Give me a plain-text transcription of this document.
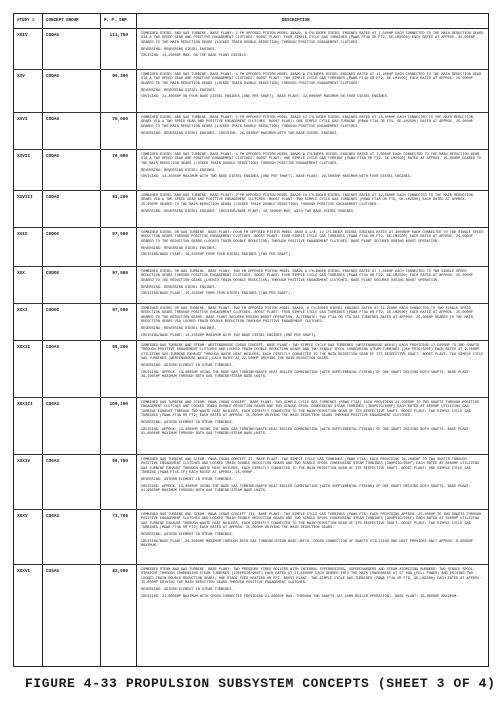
STUDY #	CONCEPT GROUP	P. P. SHP	DESCRIPTION
XXIV	CODAG	111,750	COMBINED DIESEL AND GAS TURBINE. BASE PLANT: 2 FM OPPOSED PISTON MODEL 38A20, 8 CYLINDER DIESEL ENGINES RATED AT 7,500HP EACH CONNECTED TO THE MAIN REDUCTION GEARS VIA A TWO SPEED GEAR AND POSITIVE ENGAGEMENT CLUTCHES. BOOST PLANT: FOUR SIMPLE CYCLE GAS TURBINES (P&WA FT4A OR FT9, GE-LM2500) EACH RATED AT APPROX. 25,000HP GEARED TO THE MAIN REDUCTION GEARS (LOCKED TRAIN DOUBLE REDUCTION) THROUGH POSITIVE ENGAGEMENT CLUTCHES.
REVERSING: REVERSING DIESEL ENGINES.
CRUISING: 14,250SHP MAX. ON THE BASE PLANT DIESELS.
XXV	CODAG	90,300	COMBINED DIESEL AND GAS TURBINE. BASE PLANT: 4 FM OPPOSED PISTON MODEL 38A20 9 CYLINDER DIESEL ENGINES RATED AT 11,200HP EACH CONNECTED TO THE MAIN REDUCTION GEAR VIA A TWO SPEED GEAR AND POSITIVE ENGAGEMENT CLUTCHES. BOOST PLANT: TWO SIMPLE CYCLE GAS TURBINES (P&WA FT4A OR FT9, GE-LM2500) EACH RATED AT APPROX. 25,000HP GEARED TO THE MAIN REDUCTION GEARS (LOCKED TRAIN DOUBLE REDUCTION) THROUGH POSITIVE ENGAGEMENT CLUTCHES.
REVERSING: REVERSING DIESEL ENGINES.
CRUISING: 21,400SHP ON FOUR BASE DIESEL ENGINES (ONE PER SHAFT). BASE PLANT: 42,800SHP MAXIMUM ON FOUR DIESEL ENGINES.
XXVI	CODAG	76,000	COMBINED DIESEL AND GAS TURBINE. BASE PLANT: 2 FM OPPOSED PISTON MODEL 38A20 12 CYLINDER DIESEL ENGINES RATED AT 13,000HP EACH CONNECTED TO THE MAIN REDUCTION GEARS VIA A TWO SPEED GEAR AND POSITIVE ENGAGEMENT CLUTCHES. BOOST PLANT: ONE SIMPLE CYCLE GAS TURBINE (P&WA FT4A OR FT9, GE-LM2500) RATED AT APPROX. 25,000HP GEARED TO THE MAIN REDUCTION GEARS (LOCKED TRAIN DOUBLE REDUCTION) THROUGH POSITIVE ENGAGEMENT CLUTCHES.
REVERSING: REVERSING DIESEL ENGINES. CRUISING: 28,500SHP MAXIMUM WITH TWO BASE DIESEL ENGINES.
XXVII	CODAG	76,000	COMBINED DIESEL AND GAS TURBINE. BASE PLANT: 4 FM OPPOSED PISTON MODEL 38A20 9 CYLINDER DIESEL ENGINES RATED AT 7,500HP EACH CONNECTED TO THE MAIN REDUCTION GEAR VIA A TWO SPEED GEAR AND POSITIVE ENGAGEMENT CLUTCHES. BOOST PLANT: ONE SIMPLE CYCLE GAS TURBINE (P&WA FT4A OR FT9, GE-LM2500) RATED AT APPROX. 25,000HP GEARED TO THE MAIN REDUCTION GEARS (LOCKED TRAIN DOUBLE REDUCTION) THROUGH POSITIVE ENGAGEMENT CLUTCHES.
REVERSING: REVERSING DIESEL ENGINES.
CRUISING: 14,250SHP MAXIMUM WITH TWO BASE DIESEL ENGINES (ONE PER SHAFT). BASE PLANT: 28,500SHP MAXIMUM WITH FOUR DIESEL ENGINES.
XXVIII	CODAG	91,200	COMBINED DIESEL AND GAS TURBINE. BASE PLANT: 2 FM OPPOSED PISTON MODEL 38A20 18 CYLINDER DIESEL ENGINES RATED AT 22,500HP EACH CONNECTED TO THE MAIN REDUCTION GEARS VIA A TWO SPEED GEAR AND POSITIVE ENGAGEMENT CLUTCHES. BOOST PLANT: TWO SIMPLE CYCLE GAS TURBINES (P&WA FT4A OR FT9, GE-LM2500) EACH RATED AT APPROX. 25,000HP GEARED TO THE MAIN REDUCTION GEARS (LOCKED TRAIN DOUBLE REDUCTION) THROUGH POSITIVE ENGAGEMENT CLUTCHES.
REVERSING: REVERSING DIESEL ENGINES. CRUISING/BASE PLANT: 42,700SHP MAX. WITH TWO BASE DIESEL ENGINES.
XXIX	CODOG	97,500	COMBINED DIESEL OR GAS TURBINE. BASE PLANT: FOUR FM OPPOSED PISTON MODEL 38ND 8-1/8, 12 CYLINDER DIESEL ENGINES RATED AT 4000BHP EACH CONNECTED TO TWO SINGLE SPEED REDUCTION GEARS THROUGH POSITIVE ENGAGEMENT CLUTCHES. BOOST PLANT: FOUR SIMPLE CYCLE GAS TURBINES (P&WA FT4A OR FT9, GE-LM2500) EACH RATED AT APPROX. 25,000HP GEARED TO THE REDUCTION GEARS (LOCKED TRAIN DOUBLE REDUCTION) THROUGH POSITIVE ENGAGEMENT CLUTCHES. BASE PLANT SECURED DURING BOOST OPERATION.
REVERSING: REVERSING DIESEL ENGINES.
CRUISING/BASE PLANT: 16,250SHP FROM FOUR DIESEL ENGINES (TWO PER SHAFT).
XXX	CODOG	97,500	COMBINED DIESEL OR GAS TURBINE. BASE PLANT: TWO FM OPPOSED PISTON MODEL 38A20 9 CYLINDER DIESEL ENGINES RATED AT 7,500HP EACH CONNECTED TO TWO SINGLE SPEED REDUCTION GEARS THROUGH POSITIVE ENGAGEMENT CLUTCHES. BOOST PLANT: FOUR SIMPLE CYCLE GAS TURBINES (P&WA FT4A OR FT9, GE-LM2500) EACH RATED AT APPROX. 25,000HP GEARED TO THE REDUCTION GEARS (LOCKED TRAIN DOUBLE REDUCTION) THROUGH POSITIVE ENGAGEMENT CLUTCHES. BASE PLANT SECURED DURING BOOST OPERATION.
REVERSING: REVERSING DIESEL ENGINES.
CRUISING/BASE PLANT: 15,250SHP FROM FOUR DIESEL ENGINES (TWO PER SHAFT).
XXXI	CODOG	97,500	COMBINED DIESEL OR GAS TURBINE. BASE PLANT: TWO FM OPPOSED PISTON MODEL 38A20, 9 CYLINDER DIESEL ENGINES RATED AT 11,250HP EACH CONNECTED TO TWO SINGLE SPEED REDUCTION GEARS THROUGH POSITIVE ENGAGEMENT CLUTCHES. BOOST PLANT: FOUR SIMPLE CYCLE GAS TURBINES (P&WA FT4A OR FT9, GE-LM2500) EACH RATED AT APPROX. 25,000HP GEARED TO THE REDUCTION GEARS. BASE PLANT SECURED DURING BOOST OPERATION. ALTERNATE: TWO FT4A OR FT9 GAS TURBINES RATED AT APPROX. 25,000HP GEARED TO THE MAIN REDUCTION GEARS VIA LOCKED TRAIN DOUBLE REDUCTION THROUGH POSITIVE ENGAGEMENT CLUTCHES.
REVERSING: REVERSING DIESEL ENGINES.
CRUISING/BASE PLANT: 14,250SHP MAXIMUM WITH TWO BASE DIESEL ENGINES (ONE PER SHAFT).
XXXII	COGAS	95,200	COMBINED GAS TURBINE AND STEAM. WESTINGHOUSE COGAS CONCEPT. BASE PLANT: TWO SIMPLE CYCLE GAS TURBINES (WESTINGHOUSE W501C) EACH PROVIDING 17,500SHP TO TWO SHAFTS THROUGH POSITIVE ENGAGEMENT CLUTCHES AND LOCKED TRAIN DOUBLE REDUCTION GEARS AND TWO SINGLE SPOOL CONDENSING STEAM TURBINES (250 PSIG/500F) EACH RATED AT 9,000HP UTILIZING GAS TURBINE EXHAUST THROUGH WASTE HEAT BOILERS, EACH DIRECTLY CONNECTED TO THE MAIN REDUCTION GEAR OF ITS RESPECTIVE SHAFT. BOOST PLANT: TWO SIMPLE CYCLE GAS TURBINES (WESTINGHOUSE W501C) EACH RATED AT 22,500HP DRIVING THE MAIN REDUCTION GEARS.
REVERSING: ASTERN ELEMENT IN STEAM TURBINES.
CRUISING: APPROX. 13,000SHP USING THE BASE GAS TURBINE/WASTE HEAT BOILER COMBINATION (WITH SUPPLEMENTAL FIRING) OF ONE SHAFT DRIVING BOTH SHAFTS. BASE PLANT: 49,700SHP MAXIMUM THROUGH BOTH GAS TURBINE/STEAM BASE UNITS.
XXXIII	COGAS	109,100	COMBINED GAS TURBINE AND STEAM. P&WA COGAS CONCEPT. BASE PLANT: TWO SIMPLE CYCLE GAS TURBINES (P&WA FT4A) EACH PROVIDING 24,200SHP TO TWO SHAFTS THROUGH POSITIVE ENGAGEMENT CLUTCHES AND LOCKED TRAIN DOUBLE REDUCTION GEARS AND TWO SINGLE SPOOL CONDENSING STEAM TURBINES (380PSIG/600F) EACH RATED AT 8000HP UTILIZING GAS TURBINE EXHAUST THROUGH TWO WASTE HEAT BOILERS, EACH DIRECTLY CONNECTED TO THE MAIN REDUCTION GEAR OF ITS RESPECTIVE SHAFT. BOOST PLANT: TWO SIMPLE CYCLE GAS TURBINES (P&WA FT4A OR FT9) EACH RATED AT APPROX. 25,000HP DRIVING THE MAIN REDUCTION GEARS THROUGH POSITIVE ENGAGEMENT CLUTCHES.
REVERSING: ASTERN ELEMENT IN STEAM TURBINES.
CRUISING: APPROX. 13,000SHP USING THE BASE GAS TURBINE/WASTE HEAT BOILER COMBINATION (WITH SUPPLEMENTAL FIRING) OF ONE SHAFT DRIVING BOTH SHAFTS. BASE PLANT: 61,600SHP MAXIMUM THROUGH BOTH GAS TURBINE/STEAM BASE UNITS.
XXXIV	COGAS	90,750	COMBINED GAS TURBINE AND STEAM. P&WA COGAS CONCEPT II. BASE PLANT: TWO SIMPLE CYCLE GAS TURBINES (P&WA FT4A) EACH PROVIDING 24,200SHP TO TWO SHAFTS THROUGH POSITIVE ENGAGEMENT CLUTCHES AND LOCKED TRAIN DOUBLE REDUCTION GEARS AND TWO SINGLE SPOOL CONDENSING STEAM TURBINES (380PSIG/600F) EACH RATED AT 8000HP UTILIZING GAS TURBINE EXHAUST THROUGH WASTE HEAT BOILERS, EACH DIRECTLY CONNECTED TO THE MAIN REDUCTION GEAR OF ITS RESPECTIVE SHAFT. BOOST PLANT: ONE SIMPLE CYCLE GAS TURBINE (P&WA FT4C-IF) EACH RATED AT APPROX. 25,000HP.
REVERSING: ASTERN ELEMENT IN STEAM TURBINES.
CRUISING: APPROX. 13,000SHP USING THE BASE GAS TURBINE/WASTE HEAT BOILER COMBINATION (WITH SUPPLEMENTAL FIRING) OF ONE SHAFT DRIVING BOTH SHAFTS. BASE PLANT: 61,600SHP MAXIMUM THROUGH BOTH GAS TURBINE/STEAM BASE UNITS.
XXXV	COGAS	73,700	COMBINED GAS TURBINE AND STEAM. P&WA COGAS CONCEPT III. BASE PLANT: TWO SIMPLE CYCLE GAS TURBINES (P&WA FT8) EACH PROVIDING APPROX. 25,000HP TO TWO SHAFTS THROUGH POSITIVE ENGAGEMENT CLUTCHES AND LOCKED TRAIN DOUBLE REDUCTION GEARS AND TWO SINGLE SPOOL CONDENSING STEAM TURBINES (380PSIG/600F) EACH RATED AT 8000HP UTILIZING GAS TURBINE EXHAUST THROUGH WASTE HEAT BOILERS, EACH DIRECTLY CONNECTED TO THE MAIN REDUCTION GEAR OF ITS RESPECTIVE SHAFT. BOOST PLANT: TWO SIMPLE CYCLE GAS TURBINES (P&WA FT4A OR FT9) EACH RATED AT APPROX. 25,000HP DRIVING THE MAIN REDUCTION GEARS.
REVERSING: ASTERN ELEMENT IN STEAM TURBINES.
CRUISING/BASE PLANT: 26,200SHP MAXIMUM THROUGH BOTH GAS TURBINE/STEAM BASE UNITS. CROSS CONNECTION OF SHAFTS UTILIZING ONE UNIT PROVIDES ONLY APPROX. 8,000SHP MAXIMUM.
XXXVI	COSAG	82,500	COMBINED STEAM AND GAS TURBINE. BASE PLANT: TWO PRESSURE FIRED BOILERS WITH INTEGRAL SUPERHEATERS, SUPERCHARGERS AND STEAM-ATOMIZING BURNERS; TWO SINGLE SPOOL, STRAIGHT THROUGH CONDENSING STEAM TURBINES (1200PSIG/950F) EACH RATED AT 17,500SHP EACH GEARED INTO THE MAIN CONDENSERS AT 5" HGA (FULL POWER) AND DRIVING TWO LOCKED TRAIN DOUBLE REDUCTION GEARS; ONE STAGE FEED HEATING ON EFT. BOOST PLANT: TWO SIMPLE CYCLE GAS TURBINES (P&WA FT4A OR FT9, GE-LM2500) EACH RATED AT APPROX. 25,000HP DRIVING THE MAIN REDUCTION GEARS THROUGH POSITIVE ENGAGEMENT CLUTCHES.
REVERSING: ASTERN ELEMENT IN STEAM TURBINES.
CRUISING: 21,000SHP MAXIMUM WITH CROSS-CONNECTED PROVIDING 21,000SHP MAX. THROUGH TWO SHAFTS (AT 100% BOILER OPERATION). BASE PLANT: 35,000SHP MAXIMUM.
FIGURE 4-33 PROPULSION SUBSYSTEM CONCEPTS (SHEET 3 OF 4)
